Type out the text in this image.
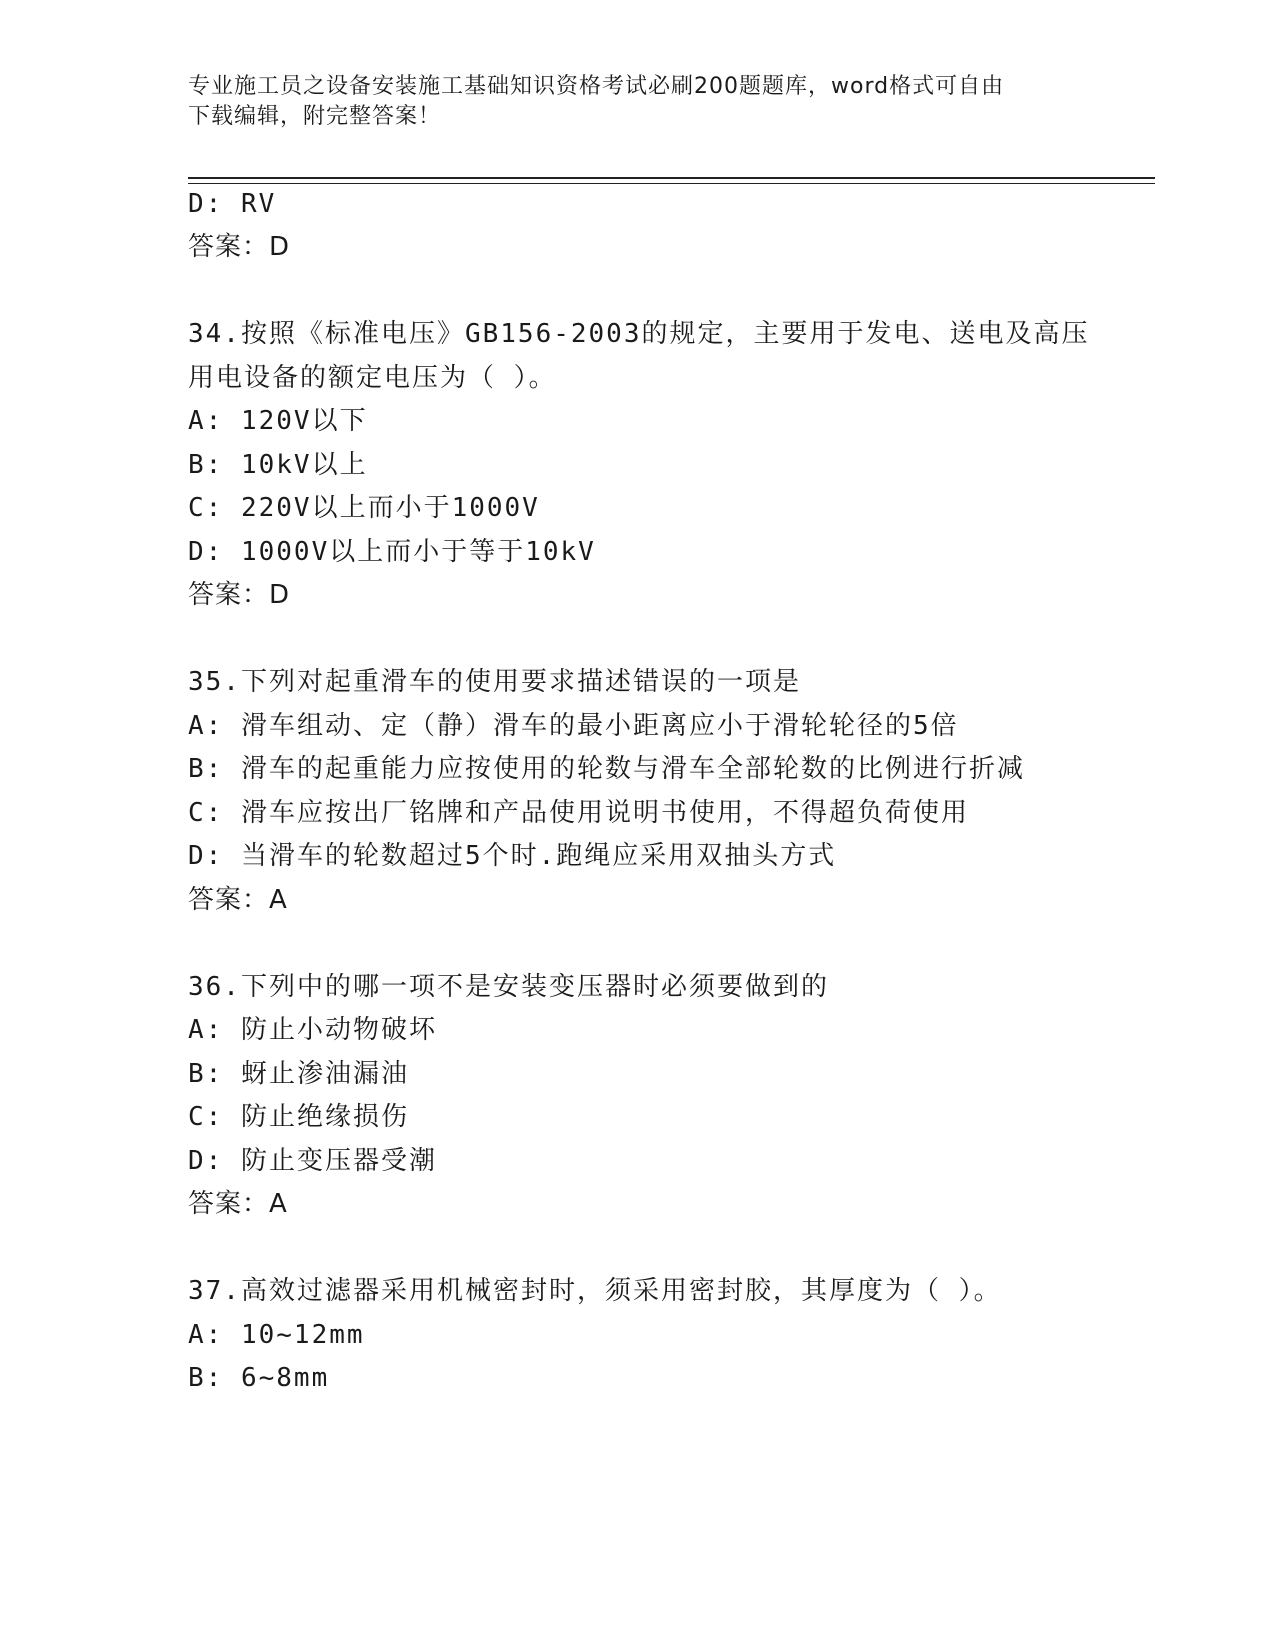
专业施工员之设备安装施工基础知识资格考试必刷200题题库，word格式可自由
下载编辑，附完整答案！
D: RV
答案：D
34.按照《标准电压》GB156-2003的规定，主要用于发电、送电及高压
用电设备的额定电压为（ ）。
A: 120V以下
B: 10kV以上
C: 220V以上而小于1000V
D: 1000V以上而小于等于10kV
答案：D
35.下列对起重滑车的使用要求描述错误的一项是
A: 滑车组动、定（静）滑车的最小距离应小于滑轮轮径的5倍
B: 滑车的起重能力应按使用的轮数与滑车全部轮数的比例进行折减
C: 滑车应按出厂铭牌和产品使用说明书使用，不得超负荷使用
D: 当滑车的轮数超过5个时.跑绳应采用双抽头方式
答案：A
36.下列中的哪一项不是安装变压器时必须要做到的
A: 防止小动物破坏
B: 蚜止渗油漏油
C: 防止绝缘损伤
D: 防止变压器受潮
答案：A
37.高效过滤器采用机械密封时，须采用密封胶，其厚度为（ ）。
A: 10~12mm
B: 6~8mm
